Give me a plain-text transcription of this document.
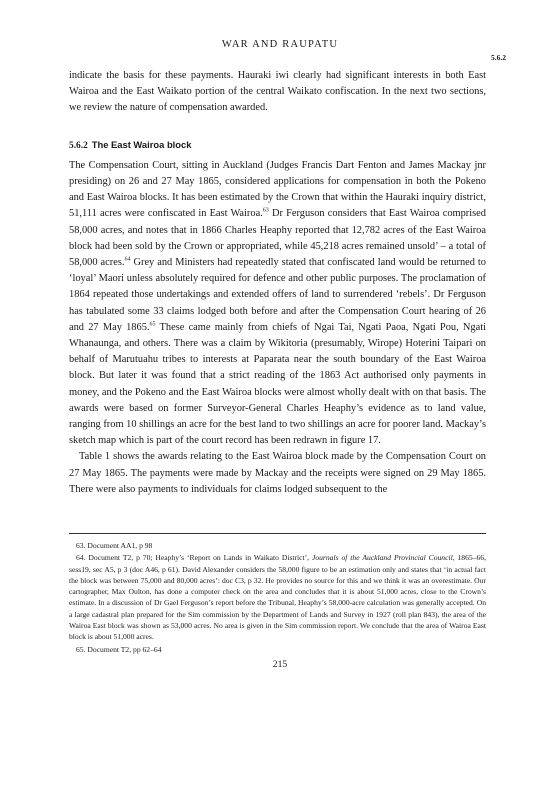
WAR AND RAUPATU
5.6.2

indicate the basis for these payments. Hauraki iwi clearly had significant interests in both East Wairoa and the East Waikato portion of the central Waikato confiscation. In the next two sections, we review the nature of compensation awarded.

5.6.2 The East Wairoa block

The Compensation Court, sitting in Auckland (Judges Francis Dart Fenton and James Mackay jnr presiding) on 26 and 27 May 1865, considered applications for compensation in both the Pokeno and East Wairoa blocks. It has been estimated by the Crown that within the Hauraki inquiry district, 51,111 acres were confiscated in East Wairoa.$^{63}$ Dr Ferguson considers that East Wairoa comprised 58,000 acres, and notes that in 1866 Charles Heaphy reported that 12,782 acres of the East Wairoa block had been sold by the Crown or appropriated, while 45,218 acres remained unsold’ – a total of 58,000 acres.$^{64}$ Grey and Ministers had repeatedly stated that confiscated land would be returned to ‘loyal’ Maori unless absolutely required for defence and other public purposes. The proclamation of 1864 repeated those undertakings and extended offers of land to surrendered ‘rebels’. Dr Ferguson has tabulated some 33 claims lodged both before and after the Compensation Court hearing of 26 and 27 May 1865.65 These came mainly from chiefs of Ngai Tai, Ngati Paoa, Ngati Pou, Ngati Whanaunga, and others. There was a claim by Wikitoria (presumably, Wirope) Hoterini Taipari on behalf of Marutuahu tribes to interests at Paparata near the south boundary of the East Wairoa block. But later it was found that a strict reading of the 1863 Act authorised only payments in money, and the Pokeno and the East Wairoa blocks were almost wholly dealt with on that basis. The awards were based on former Surveyor-General Charles Heaphy’s evidence as to land value, ranging from 10 shillings an acre for the best land to two shillings an acre for poorer land. Mackay’s sketch map which is part of the court record has been redrawn in figure 17.

Table 1 shows the awards relating to the East Wairoa block made by the Compensation Court on 27 May 1865. The payments were made by Mackay and the receipts were signed on 29 May 1865. There were also payments to individuals for claims lodged subsequent to the

63. Document AA1, p 98

64. Document T2, p 70; Heaphy’s ‘Report on Lands in Waikato District’, Journals of the Auckland Provincial Council, 1865–66, sess19, sec A5, p 3 (doc A46, p 61). David Alexander considers the 58,000 figure to be an estimation only and states that ‘in actual fact the block was between 75,000 and 80,000 acres’: doc C3, p 32. He provides no source for this and we think it was an overestimate. Our cartographer, Max Oulton, has done a computer check on the area and concludes that it is about 51,000 acres, close to the Crown’s estimate. In a discussion of Dr Gael Ferguson’s report before the Tribunal, Heaphy’s 58,000-acre calculation was generally accepted. On a large cadastral plan prepared for the Sim commission by the Department of Lands and Survey in 1927 (roll plan 843), the area of the Wairoa East block was shown as 53,000 acres. No area is given in the Sim commission report. We conclude that the area of Wairoa East block is about 51,000 acres.

65. Document T2, pp 62–64

215
